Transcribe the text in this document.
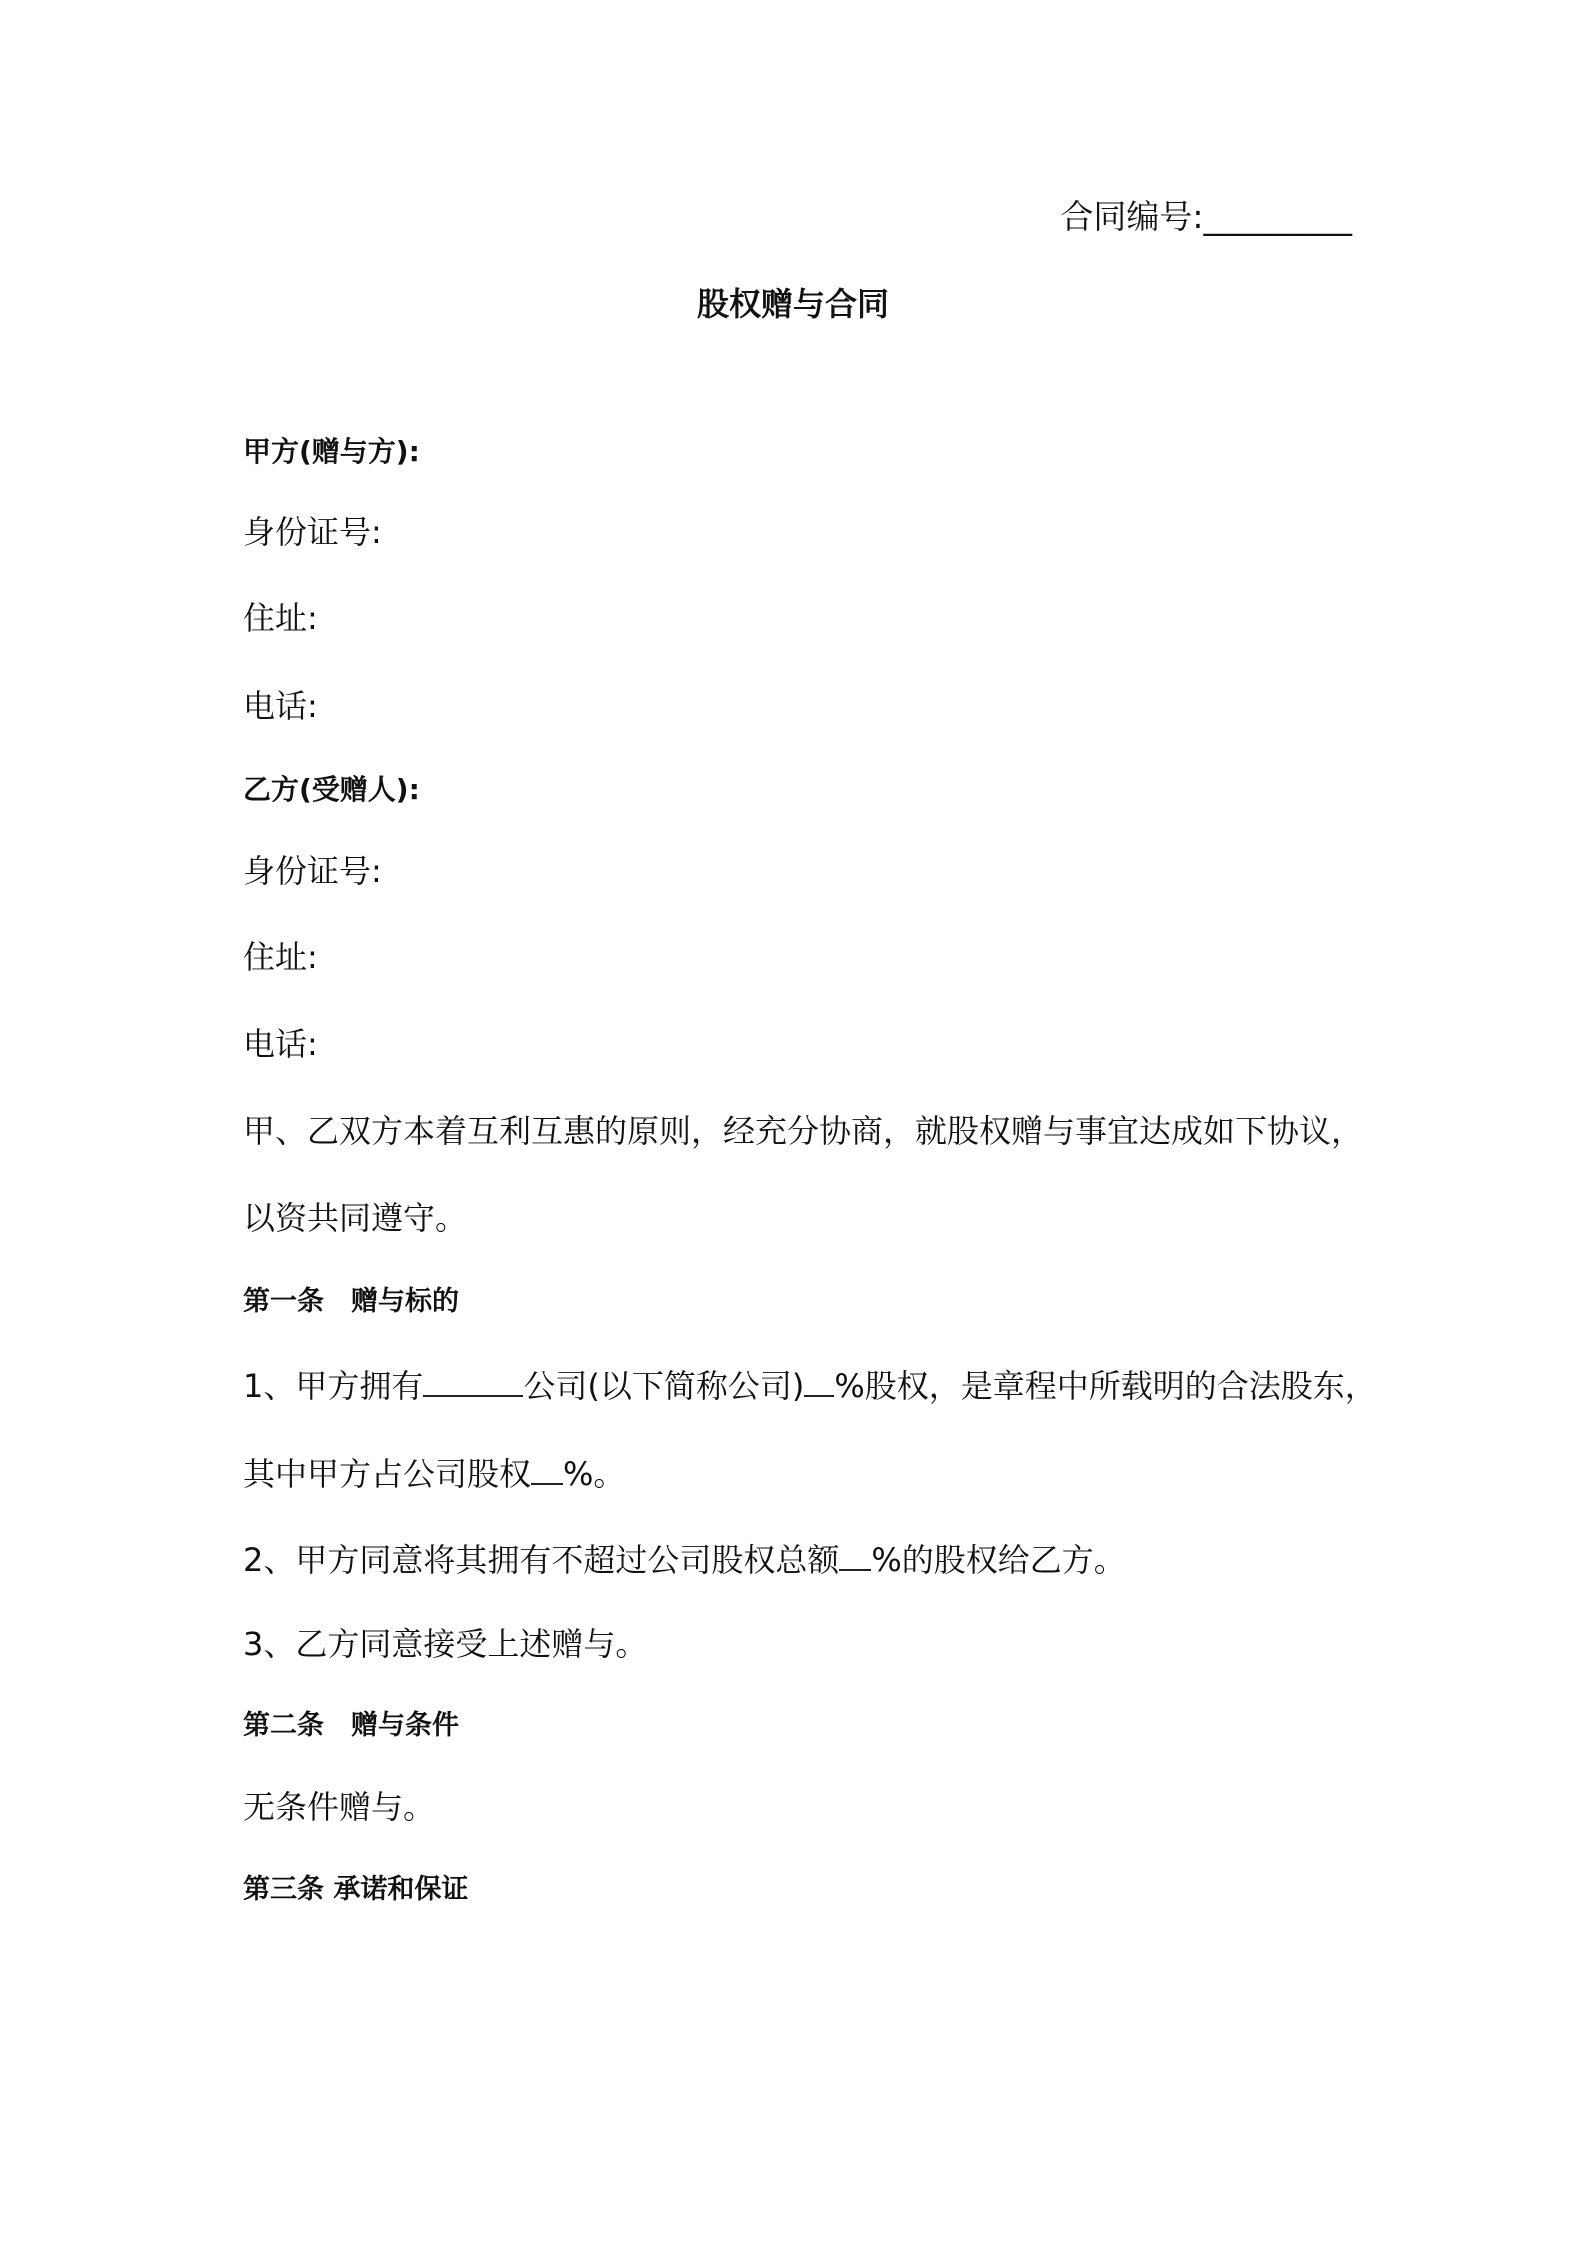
合同编号:_________
股权赠与合同
甲方(赠与方):
身份证号:
住址:
电话:
乙方(受赠人):
身份证号:
住址:
电话:
甲、乙双方本着互利互惠的原则，经充分协商，就股权赠与事宜达成如下协议，
以资共同遵守。
第一条　赠与标的
1、甲方拥有	公司(以下简称公司) %股权，是章程中所载明的合法股东，
其中甲方占公司股权 %。
2、甲方同意将其拥有不超过公司股权总额 %的股权给乙方。
3、乙方同意接受上述赠与。
第二条　赠与条件
无条件赠与。
第三条 承诺和保证
